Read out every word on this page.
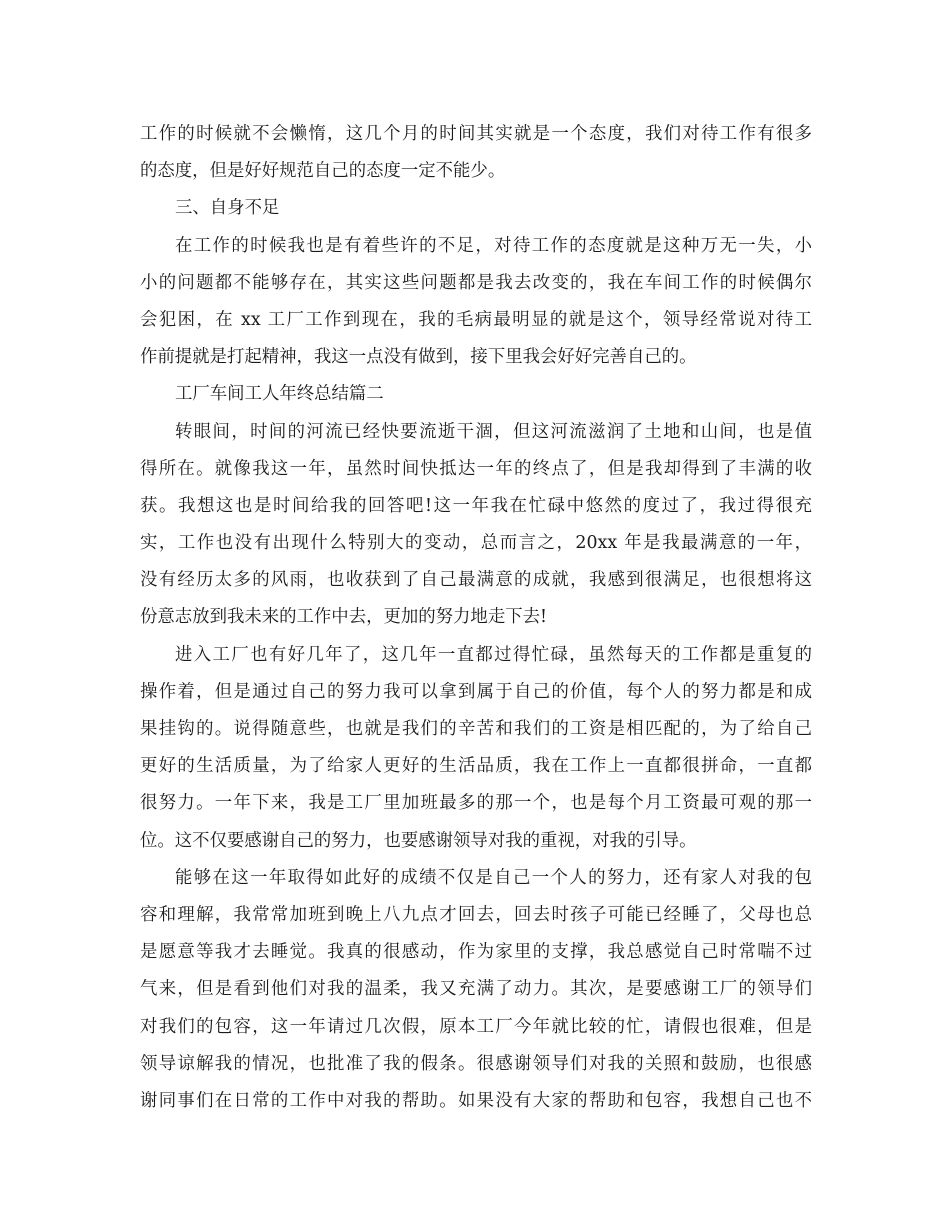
工作的时候就不会懒惰，这几个月的时间其实就是一个态度，我们对待工作有很多
的态度，但是好好规范自己的态度一定不能少。
三、自身不足
在工作的时候我也是有着些许的不足，对待工作的态度就是这种万无一失，小
小的问题都不能够存在，其实这些问题都是我去改变的，我在车间工作的时候偶尔
会犯困，在 xx 工厂工作到现在，我的毛病最明显的就是这个，领导经常说对待工
作前提就是打起精神，我这一点没有做到，接下里我会好好完善自己的。
工厂车间工人年终总结篇二
转眼间，时间的河流已经快要流逝干涸，但这河流滋润了土地和山间，也是值
得所在。就像我这一年，虽然时间快抵达一年的终点了，但是我却得到了丰满的收
获。我想这也是时间给我的回答吧!这一年我在忙碌中悠然的度过了，我过得很充
实，工作也没有出现什么特别大的变动，总而言之，20xx 年是我最满意的一年，
没有经历太多的风雨，也收获到了自己最满意的成就，我感到很满足，也很想将这
份意志放到我未来的工作中去，更加的努力地走下去!
进入工厂也有好几年了，这几年一直都过得忙碌，虽然每天的工作都是重复的
操作着，但是通过自己的努力我可以拿到属于自己的价值，每个人的努力都是和成
果挂钩的。说得随意些，也就是我们的辛苦和我们的工资是相匹配的，为了给自己
更好的生活质量，为了给家人更好的生活品质，我在工作上一直都很拼命，一直都
很努力。一年下来，我是工厂里加班最多的那一个，也是每个月工资最可观的那一
位。这不仅要感谢自己的努力，也要感谢领导对我的重视，对我的引导。
能够在这一年取得如此好的成绩不仅是自己一个人的努力，还有家人对我的包
容和理解，我常常加班到晚上八九点才回去，回去时孩子可能已经睡了，父母也总
是愿意等我才去睡觉。我真的很感动，作为家里的支撑，我总感觉自己时常喘不过
气来，但是看到他们对我的温柔，我又充满了动力。其次，是要感谢工厂的领导们
对我们的包容，这一年请过几次假，原本工厂今年就比较的忙，请假也很难，但是
领导谅解我的情况，也批准了我的假条。很感谢领导们对我的关照和鼓励，也很感
谢同事们在日常的工作中对我的帮助。如果没有大家的帮助和包容，我想自己也不
